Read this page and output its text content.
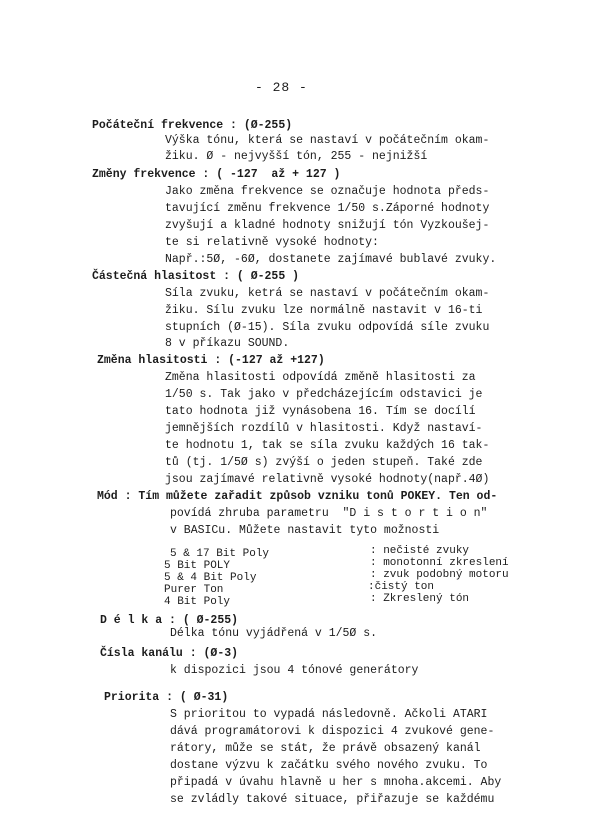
- 28 -
Počáteční frekvence : (Ø-255)
Výška tónu, která se nastaví v počátečním okam-
žiku. Ø - nejvyšší tón, 255 - nejnižší
Změny frekvence : ( -127  až + 127 )
Jako změna frekvence se označuje hodnota předs-
tavující změnu frekvence 1/50 s.Záporné hodnoty
zvyšují a kladné hodnoty snižují tón Vyzkoušej-
te si relativně vysoké hodnoty:
Např.:5Ø, -6Ø, dostanete zajímavé bublavé zvuky.
Částečná hlasitost : ( Ø-255 )
Síla zvuku, ketrá se nastaví v počátečním okam-
žiku. Sílu zvuku lze normálně nastavit v 16-ti
stupních (Ø-15). Síla zvuku odpovídá síle zvuku
8 v příkazu SOUND.
Změna hlasitosti : (-127 až +127)
Změna hlasitosti odpovídá změně hlasitosti za
1/50 s. Tak jako v předcházejícím odstavici je
tato hodnota již vynásobena 16. Tím se docílí
jemnějších rozdílů v hlasitosti. Když nastaví-
te hodnotu 1, tak se síla zvuku každých 16 tak-
tů (tj. 1/5Ø s) zvýší o jeden stupeň. Také zde
jsou zajímavé relativně vysoké hodnoty(např.4Ø)
Mód : Tím můžete zařadit způsob vzniku tonů POKEY. Ten od-
povídá zhruba parametru  "D i s t o r t i o n"
v BASICu. Můžete nastavit tyto možnosti
5 & 17 Bit Poly	: nečisté zvuky
5 Bit POLY	: monotonní zkreslení
5 & 4 Bit Poly	: zvuk podobný motoru
Purer Ton	:čistý ton
4 Bit Poly	: Zkreslený tón
D é l k a : ( Ø-255)
Délka tónu vyjádřená v 1/5Ø s.
Čísla kanálu : (Ø-3)
k dispozici jsou 4 tónové generátory
Priorita : ( Ø-31)
S prioritou to vypadá následovně. Ačkoli ATARI
dává programátorovi k dispozici 4 zvukové gene-
rátory, může se stát, že právě obsazený kanál
dostane výzvu k začátku svého nového zvuku. To
připadá v úvahu hlavně u her s mnoha.akcemi. Aby
se zvládly takové situace, přiřazuje se každému
